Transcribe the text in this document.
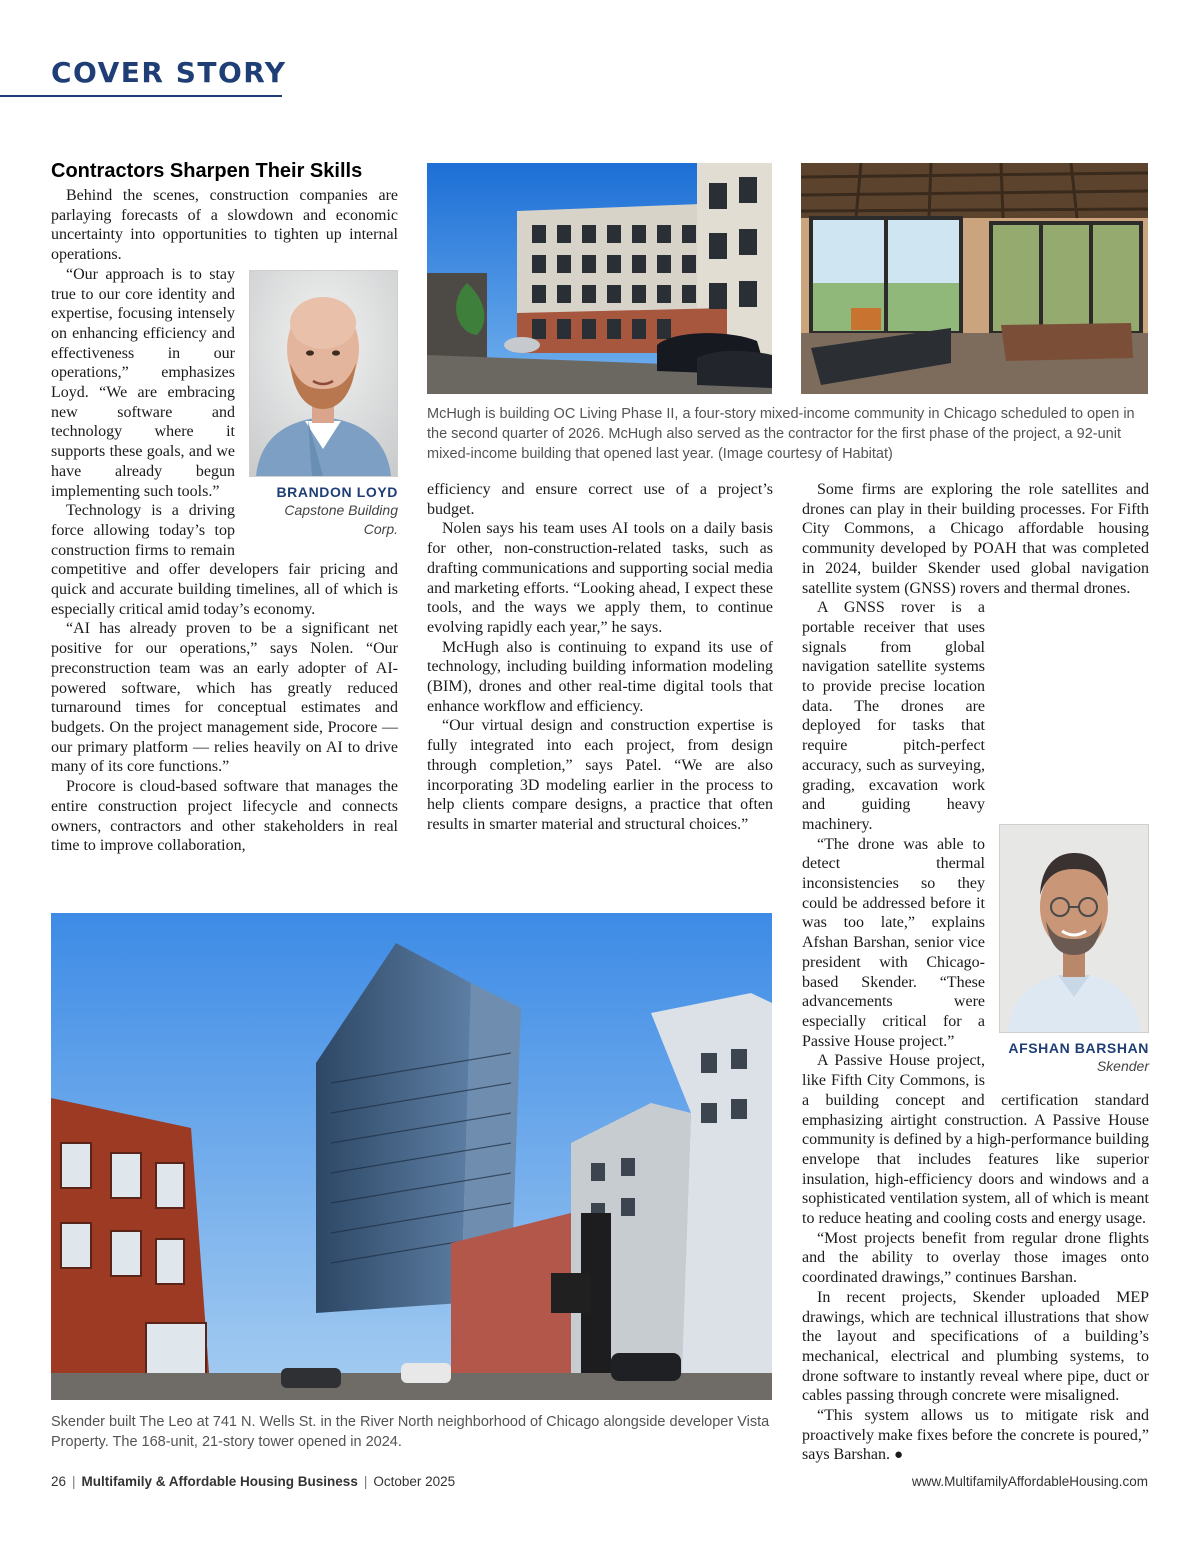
COVER STORY
Contractors Sharpen Their Skills

Behind the scenes, construction companies are parlaying forecasts of a slowdown and economic uncertainty into opportunities to tighten up internal operations.

BRANDON LOYD
Capstone Building Corp.

“Our approach is to stay true to our core identity and expertise, focusing intensely on enhancing efficiency and effectiveness in our operations,” emphasizes Loyd. “We are embracing new software and technology where it supports these goals, and we have already begun implementing such tools.”

Technology is a driving force allowing today’s top construction firms to remain competitive and offer developers fair pricing and quick and accurate building timelines, all of which is especially critical amid today’s economy.

“AI has already proven to be a significant net positive for our operations,” says Nolen. “Our preconstruction team was an early adopter of AI-powered software, which has greatly reduced turnaround times for conceptual estimates and budgets. On the project management side, Procore — our primary platform — relies heavily on AI to drive many of its core functions.”

Procore is cloud-based software that manages the entire construction project lifecycle and connects owners, contractors and other stakeholders in real time to improve collaboration,

McHugh is building OC Living Phase II, a four-story mixed-income community in Chicago scheduled to open in the second quarter of 2026. McHugh also served as the contractor for the first phase of the project, a 92-unit mixed-income building that opened last year. (Image courtesy of Habitat)

efficiency and ensure correct use of a project’s budget.

Nolen says his team uses AI tools on a daily basis for other, non-construction-related tasks, such as drafting communications and supporting social media and marketing efforts. “Looking ahead, I expect these tools, and the ways we apply them, to continue evolving rapidly each year,” he says.

McHugh also is continuing to expand its use of technology, including building information modeling (BIM), drones and other real-time digital tools that enhance workflow and efficiency.

“Our virtual design and construction expertise is fully integrated into each project, from design through completion,” says Patel. “We are also incorporating 3D modeling earlier in the process to help clients compare designs, a practice that often results in smarter material and structural choices.”

Some firms are exploring the role satellites and drones can play in their building processes. For Fifth City Commons, a Chicago affordable housing community developed by POAH that was completed in 2024, builder Skender used global navigation satellite system (GNSS) rovers and thermal drones.

AFSHAN BARSHAN
Skender

A GNSS rover is a portable receiver that uses signals from global navigation satellite systems to provide precise location data. The drones are deployed for tasks that require pitch-perfect accuracy, such as surveying, grading, excavation work and guiding heavy machinery.

“The drone was able to detect thermal inconsistencies so they could be addressed before it was too late,” explains Afshan Barshan, senior vice president with Chicago-based Skender. “These advancements were especially critical for a Passive House project.”

A Passive House project, like Fifth City Commons, is a building concept and certification standard emphasizing airtight construction. A Passive House community is defined by a high-performance building envelope that includes features like superior insulation, high-efficiency doors and windows and a sophisticated ventilation system, all of which is meant to reduce heating and cooling costs and energy usage.

“Most projects benefit from regular drone flights and the ability to overlay those images onto coordinated drawings,” continues Barshan.

In recent projects, Skender uploaded MEP drawings, which are technical illustrations that show the layout and specifications of a building’s mechanical, electrical and plumbing systems, to drone software to instantly reveal where pipe, duct or cables passing through concrete were misaligned.

“This system allows us to mitigate risk and proactively make fixes before the concrete is poured,” says Barshan. ●

Skender built The Leo at 741 N. Wells St. in the River North neighborhood of Chicago alongside developer Vista Property. The 168-unit, 21-story tower opened in 2024.
26 | Multifamily & Affordable Housing Business | October 2025	www.MultifamilyAffordableHousing.com
